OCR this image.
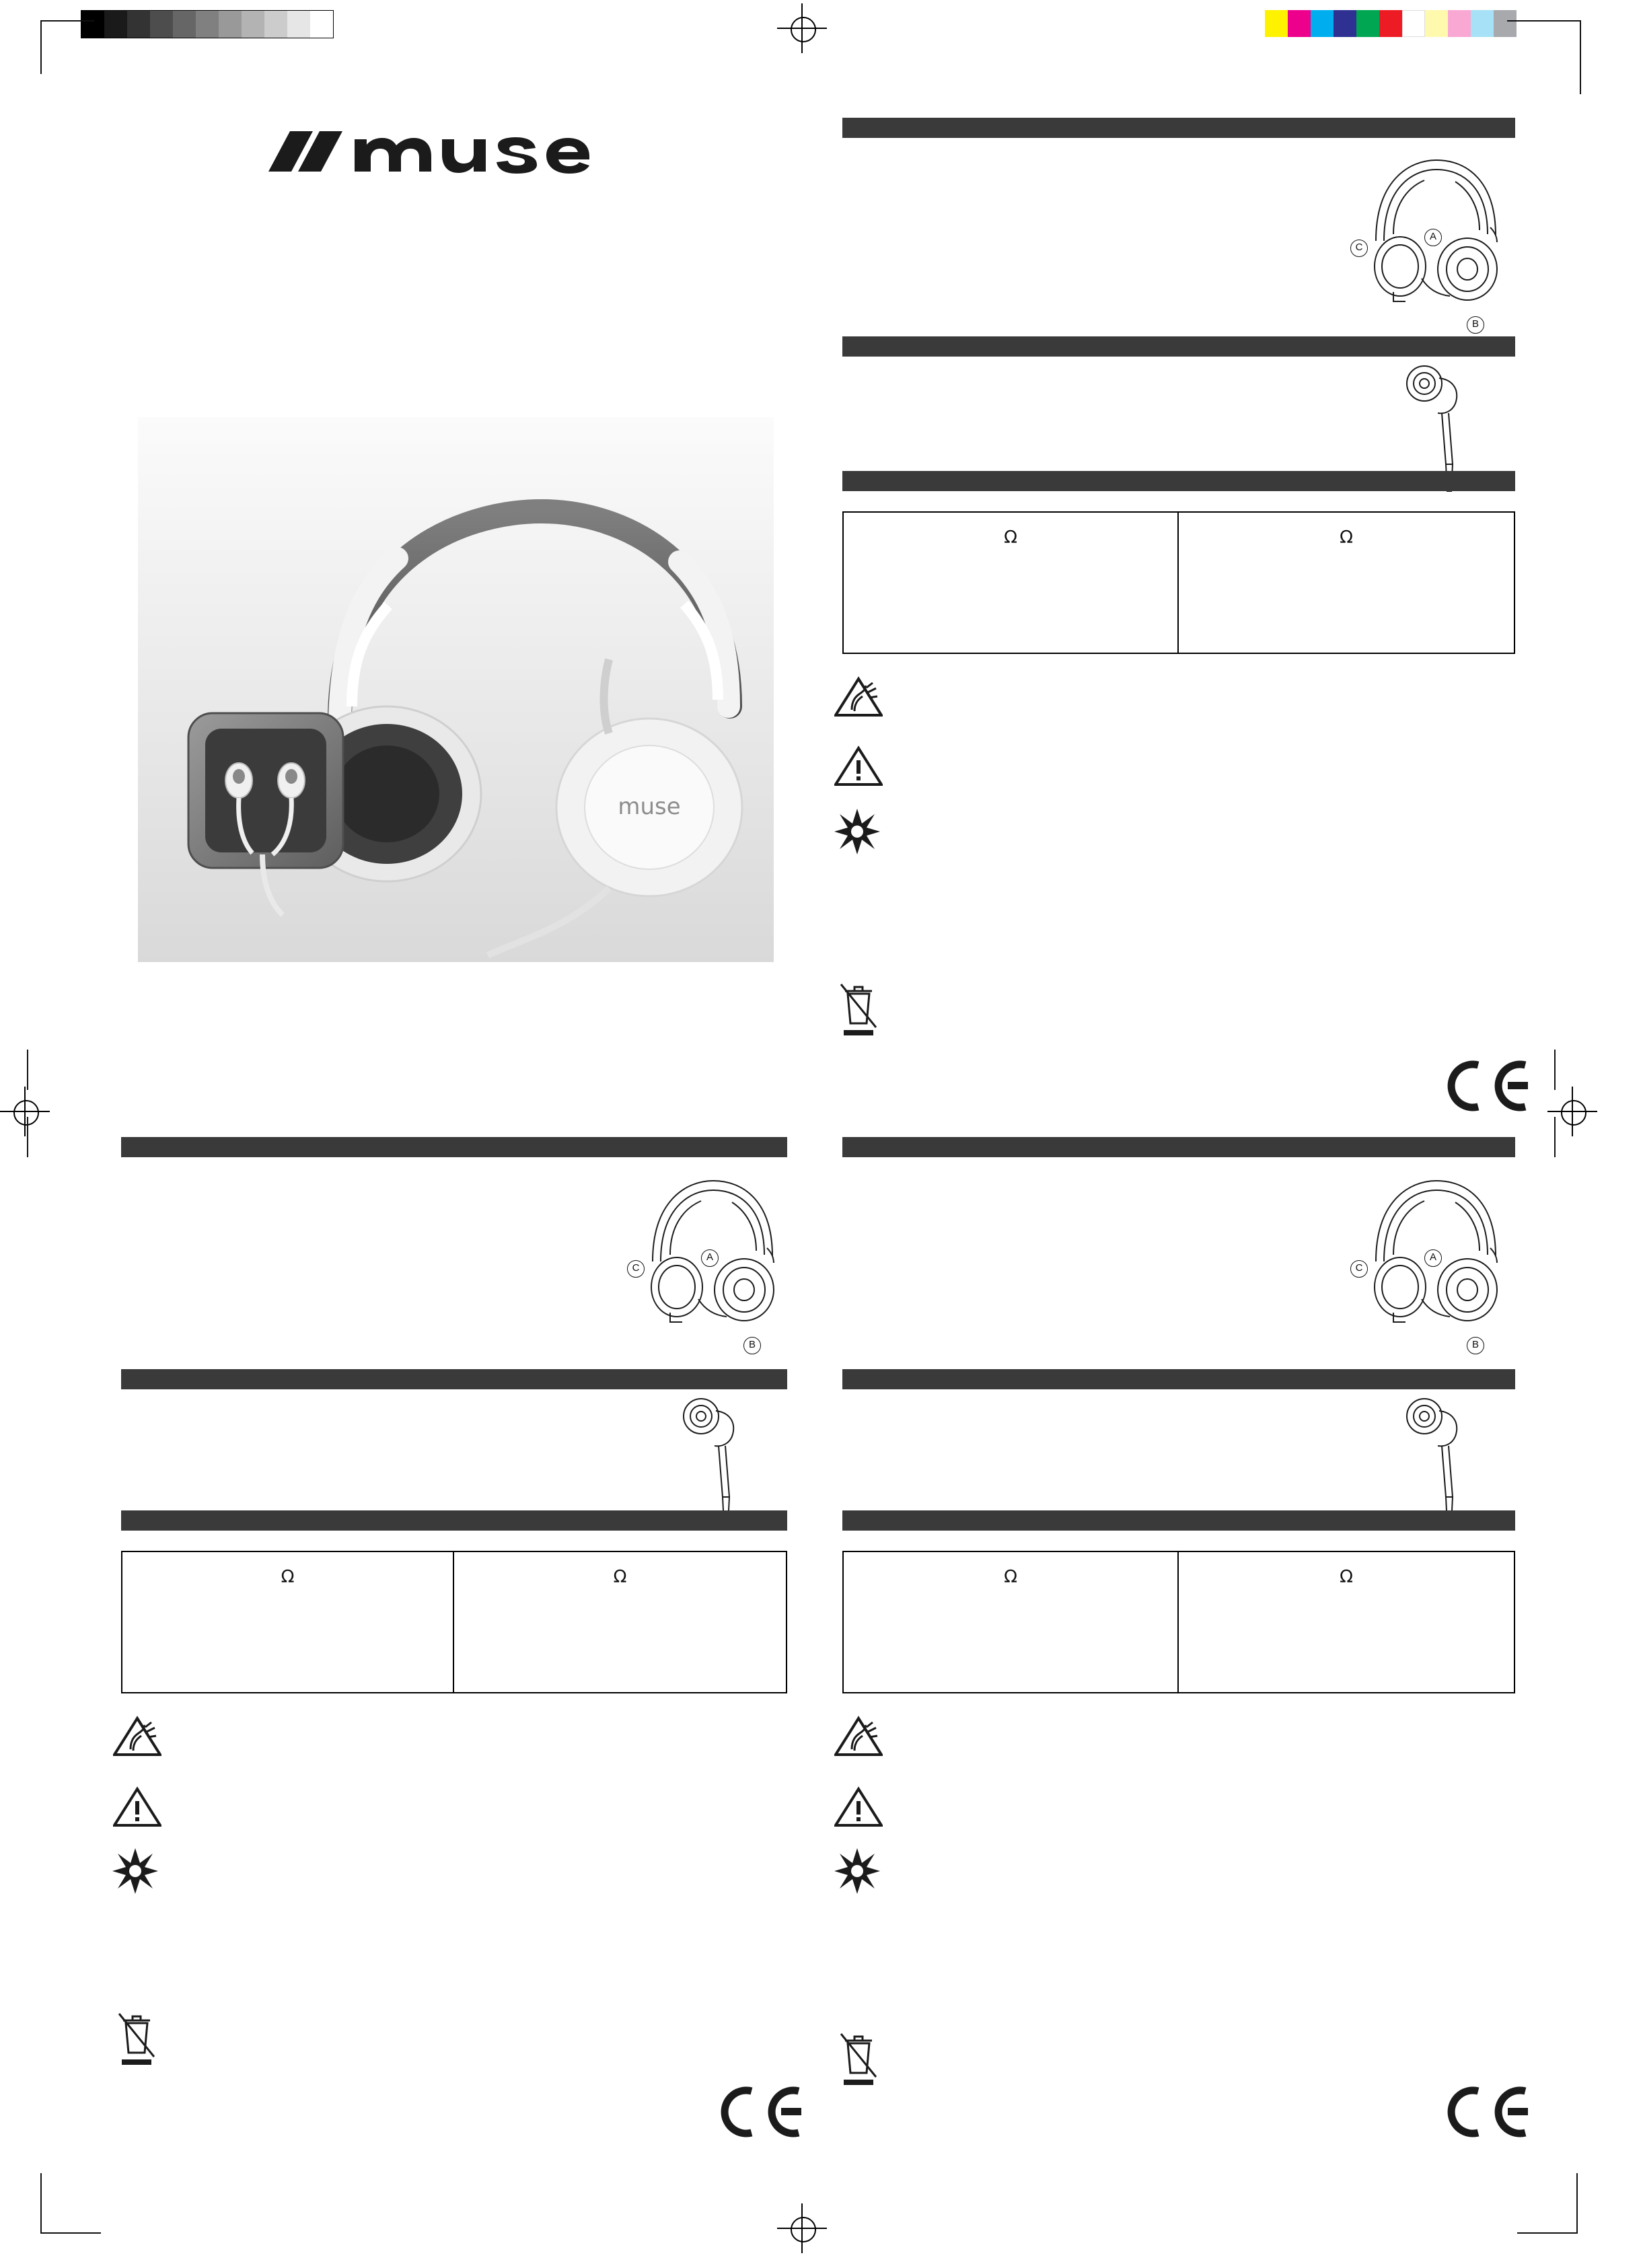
muse
A
B
C
Ω	Ω
A
B
C
Ω	Ω
A
B
C
Ω	Ω
